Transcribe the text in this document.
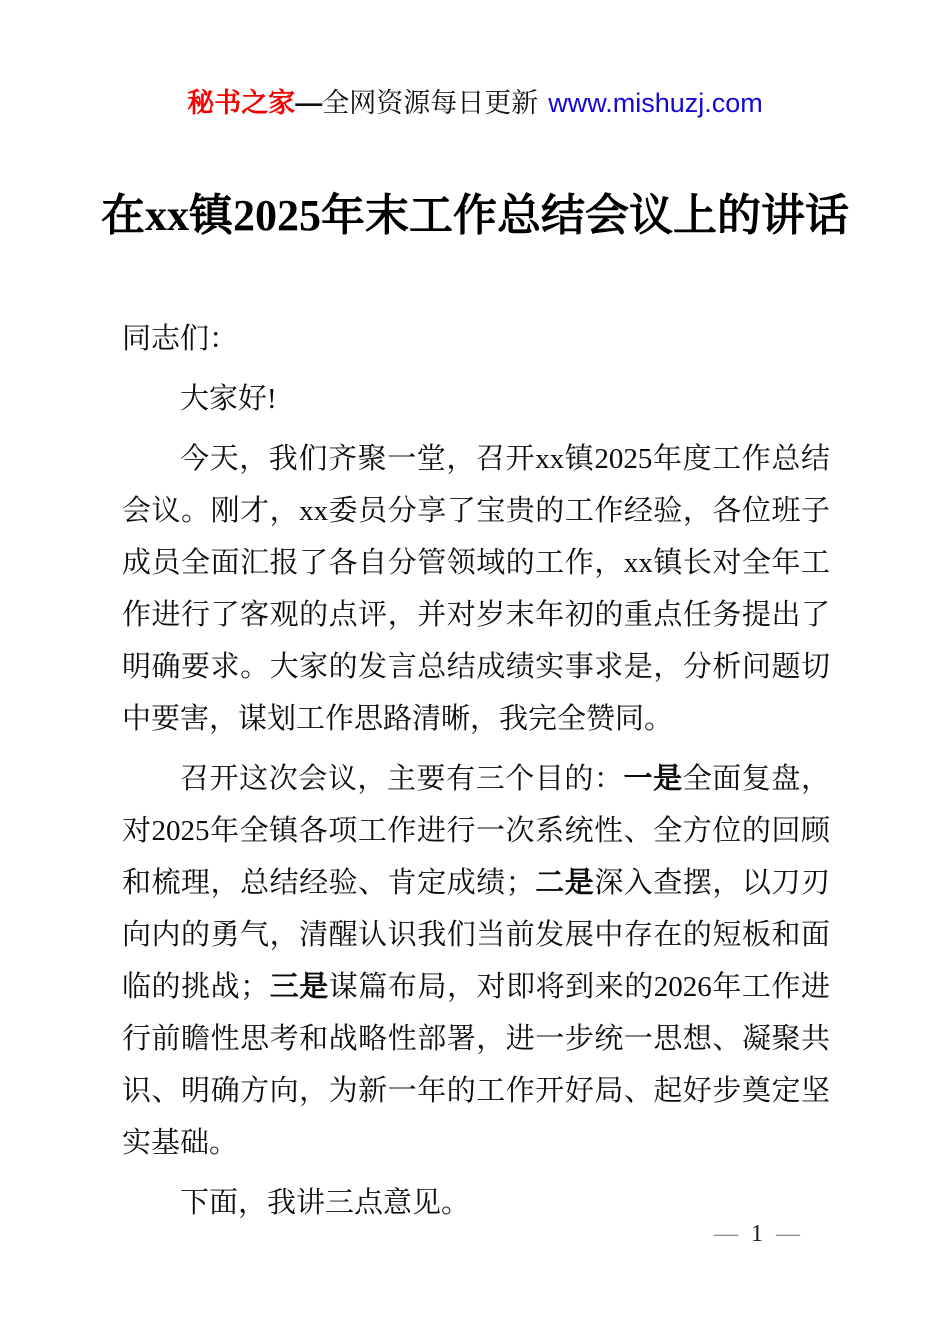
秘书之家—全网资源每日更新 www.mishuzj.com
在xx镇2025年末工作总结会议上的讲话

同志们：

大家好!

今天，我们齐聚一堂，召开xx镇2025年度工作总结会议。刚才，xx委员分享了宝贵的工作经验，各位班子成员全面汇报了各自分管领域的工作，xx镇长对全年工作进行了客观的点评，并对岁末年初的重点任务提出了明确要求。大家的发言总结成绩实事求是，分析问题切中要害，谋划工作思路清晰，我完全赞同。

召开这次会议，主要有三个目的：一是全面复盘，对2025年全镇各项工作进行一次系统性、全方位的回顾和梳理，总结经验、肯定成绩；二是深入查摆，以刀刃向内的勇气，清醒认识我们当前发展中存在的短板和面临的挑战；三是谋篇布局，对即将到来的2026年工作进行前瞻性思考和战略性部署，进一步统一思想、凝聚共识、明确方向，为新一年的工作开好局、起好步奠定坚实基础。

下面，我讲三点意见。

— 1 —
